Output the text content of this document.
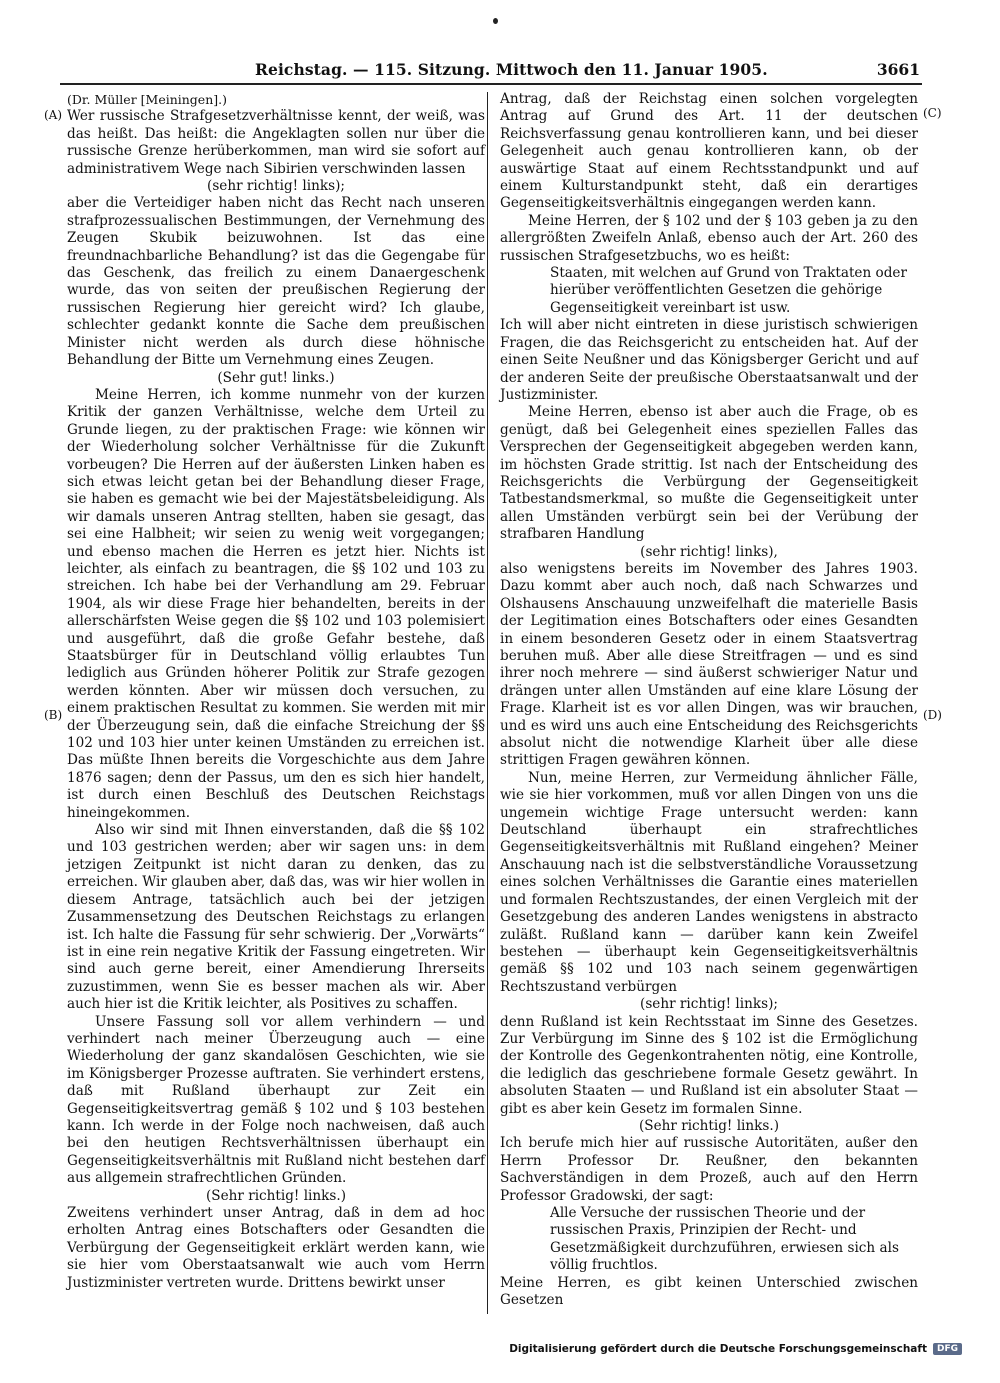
Reichstag. — 115. Sitzung. Mittwoch den 11. Januar 1905.	3661
(A)
(B)
(C)
(D)

(Dr. Müller [Meiningen].)

Wer russische Strafgesetzverhältnisse kennt, der weiß, was das heißt. Das heißt: die Angeklagten sollen nur über die russische Grenze herüberkommen, man wird sie sofort auf administrativem Wege nach Sibirien verschwinden lassen

(sehr richtig! links);

aber die Verteidiger haben nicht das Recht nach unseren strafprozessualischen Bestimmungen, der Vernehmung des Zeugen Skubik beizuwohnen. Ist das eine freundnachbarliche Behandlung? ist das die Gegengabe für das Geschenk, das freilich zu einem Danaergeschenk wurde, das von seiten der preußischen Regierung der russischen Regierung hier gereicht wird? Ich glaube, schlechter gedankt konnte die Sache dem preußischen Minister nicht werden als durch diese höhnische Behandlung der Bitte um Vernehmung eines Zeugen.

(Sehr gut! links.)

Meine Herren, ich komme nunmehr von der kurzen Kritik der ganzen Verhältnisse, welche dem Urteil zu Grunde liegen, zu der praktischen Frage: wie können wir der Wiederholung solcher Verhältnisse für die Zukunft vorbeugen? Die Herren auf der äußersten Linken haben es sich etwas leicht getan bei der Behandlung dieser Frage, sie haben es gemacht wie bei der Majestätsbeleidigung. Als wir damals unseren Antrag stellten, haben sie gesagt, das sei eine Halbheit; wir seien zu wenig weit vorgegangen; und ebenso machen die Herren es jetzt hier. Nichts ist leichter, als einfach zu beantragen, die §§ 102 und 103 zu streichen. Ich habe bei der Verhandlung am 29. Februar 1904, als wir diese Frage hier behandelten, bereits in der allerschärfsten Weise gegen die §§ 102 und 103 polemisiert und ausgeführt, daß die große Gefahr bestehe, daß Staatsbürger für in Deutschland völlig erlaubtes Tun lediglich aus Gründen höherer Politik zur Strafe gezogen werden könnten. Aber wir müssen doch versuchen, zu einem praktischen Resultat zu kommen. Sie werden mit mir der Überzeugung sein, daß die einfache Streichung der §§ 102 und 103 hier unter keinen Umständen zu erreichen ist. Das müßte Ihnen bereits die Vorgeschichte aus dem Jahre 1876 sagen; denn der Passus, um den es sich hier handelt, ist durch einen Beschluß des Deutschen Reichstags hineingekommen.

Also wir sind mit Ihnen einverstanden, daß die §§ 102 und 103 gestrichen werden; aber wir sagen uns: in dem jetzigen Zeitpunkt ist nicht daran zu denken, das zu erreichen. Wir glauben aber, daß das, was wir hier wollen in diesem Antrage, tatsächlich auch bei der jetzigen Zusammensetzung des Deutschen Reichstags zu erlangen ist. Ich halte die Fassung für sehr schwierig. Der „Vorwärts“ ist in eine rein negative Kritik der Fassung eingetreten. Wir sind auch gerne bereit, einer Amendierung Ihrerseits zuzustimmen, wenn Sie es besser machen als wir. Aber auch hier ist die Kritik leichter, als Positives zu schaffen.

Unsere Fassung soll vor allem verhindern — und verhindert nach meiner Überzeugung auch — eine Wiederholung der ganz skandalösen Geschichten, wie sie im Königsberger Prozesse auftraten. Sie verhindert erstens, daß mit Rußland überhaupt zur Zeit ein Gegenseitigkeitsvertrag gemäß § 102 und § 103 bestehen kann. Ich werde in der Folge noch nachweisen, daß auch bei den heutigen Rechtsverhältnissen überhaupt ein Gegenseitigkeitsverhältnis mit Rußland nicht bestehen darf aus allgemein strafrechtlichen Gründen.

(Sehr richtig! links.)

Zweitens verhindert unser Antrag, daß in dem ad hoc erholten Antrag eines Botschafters oder Gesandten die Verbürgung der Gegenseitigkeit erklärt werden kann, wie sie hier vom Oberstaatsanwalt wie auch vom Herrn Justizminister vertreten wurde. Drittens bewirkt unser

Antrag, daß der Reichstag einen solchen vorgelegten Antrag auf Grund des Art. 11 der deutschen Reichsverfassung genau kontrollieren kann, und bei dieser Gelegenheit auch genau kontrollieren kann, ob der auswärtige Staat auf einem Rechtsstandpunkt und auf einem Kulturstandpunkt steht, daß ein derartiges Gegenseitigkeitsverhältnis eingegangen werden kann.

Meine Herren, der § 102 und der § 103 geben ja zu den allergrößten Zweifeln Anlaß, ebenso auch der Art. 260 des russischen Strafgesetzbuchs, wo es heißt:

Staaten, mit welchen auf Grund von Traktaten oder hierüber veröffentlichten Gesetzen die gehörige Gegenseitigkeit vereinbart ist usw.

Ich will aber nicht eintreten in diese juristisch schwierigen Fragen, die das Reichsgericht zu entscheiden hat. Auf der einen Seite Neußner und das Königsberger Gericht und auf der anderen Seite der preußische Oberstaatsanwalt und der Justizminister.

Meine Herren, ebenso ist aber auch die Frage, ob es genügt, daß bei Gelegenheit eines speziellen Falles das Versprechen der Gegenseitigkeit abgegeben werden kann, im höchsten Grade strittig. Ist nach der Entscheidung des Reichsgerichts die Verbürgung der Gegenseitigkeit Tatbestandsmerkmal, so mußte die Gegenseitigkeit unter allen Umständen verbürgt sein bei der Verübung der strafbaren Handlung

(sehr richtig! links),

also wenigstens bereits im November des Jahres 1903. Dazu kommt aber auch noch, daß nach Schwarzes und Olshausens Anschauung unzweifelhaft die materielle Basis der Legitimation eines Botschafters oder eines Gesandten in einem besonderen Gesetz oder in einem Staatsvertrag beruhen muß. Aber alle diese Streitfragen — und es sind ihrer noch mehrere — sind äußerst schwieriger Natur und drängen unter allen Umständen auf eine klare Lösung der Frage. Klarheit ist es vor allen Dingen, was wir brauchen, und es wird uns auch eine Entscheidung des Reichsgerichts absolut nicht die notwendige Klarheit über alle diese strittigen Fragen gewähren können.

Nun, meine Herren, zur Vermeidung ähnlicher Fälle, wie sie hier vorkommen, muß vor allen Dingen von uns die ungemein wichtige Frage untersucht werden: kann Deutschland überhaupt ein strafrechtliches Gegenseitigkeitsverhältnis mit Rußland eingehen? Meiner Anschauung nach ist die selbstverständliche Voraussetzung eines solchen Verhältnisses die Garantie eines materiellen und formalen Rechtszustandes, der einen Vergleich mit der Gesetzgebung des anderen Landes wenigstens in abstracto zuläßt. Rußland kann — darüber kann kein Zweifel bestehen — überhaupt kein Gegenseitigkeitsverhältnis gemäß §§ 102 und 103 nach seinem gegenwärtigen Rechtszustand verbürgen

(sehr richtig! links);

denn Rußland ist kein Rechtsstaat im Sinne des Gesetzes. Zur Verbürgung im Sinne des § 102 ist die Ermöglichung der Kontrolle des Gegenkontrahenten nötig, eine Kontrolle, die lediglich das geschriebene formale Gesetz gewährt. In absoluten Staaten — und Rußland ist ein absoluter Staat — gibt es aber kein Gesetz im formalen Sinne.

(Sehr richtig! links.)

Ich berufe mich hier auf russische Autoritäten, außer den Herrn Professor Dr. Reußner, den bekannten Sachverständigen in dem Prozeß, auch auf den Herrn Professor Gradowski, der sagt:

Alle Versuche der russischen Theorie und der russischen Praxis, Prinzipien der Recht- und Gesetzmäßigkeit durchzuführen, erwiesen sich als völlig fruchtlos.

Meine Herren, es gibt keinen Unterschied zwischen Gesetzen

Digitalisierung gefördert durch die Deutsche Forschungsgemeinschaft	DFG
